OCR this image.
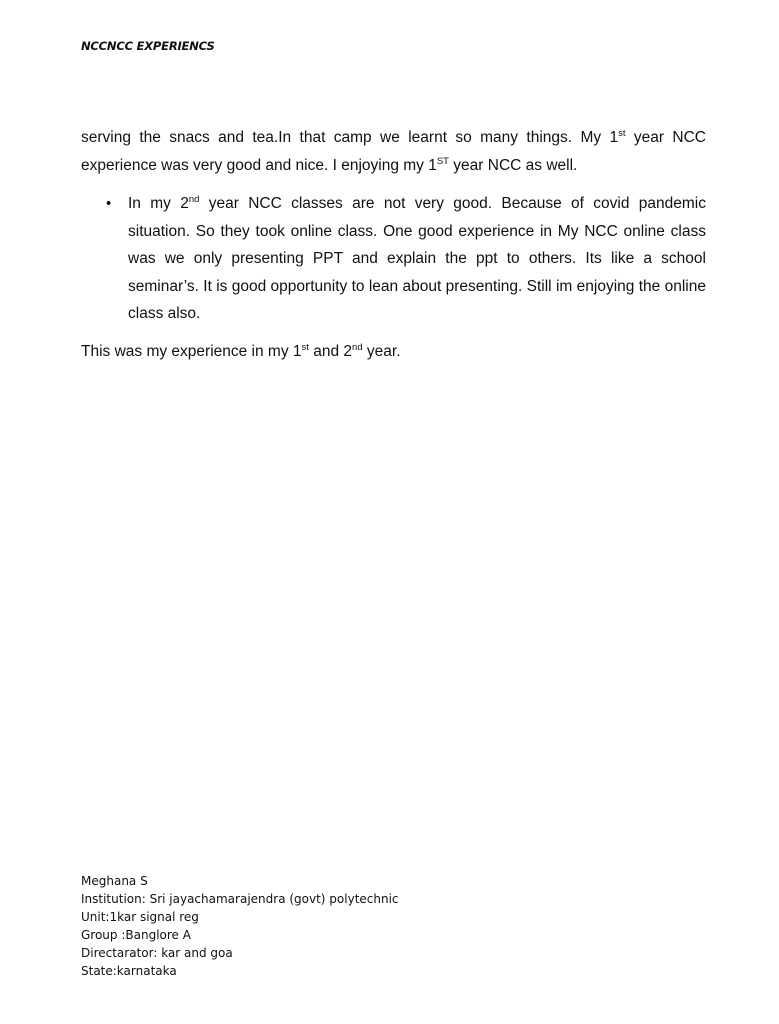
NCCNCC EXPERIENCS

serving the snacs and tea.In that camp we learnt so many things. My 1st year NCC experience was very good and nice. I enjoying my 1ST year NCC as well.

• In my 2nd year NCC classes are not very good. Because of covid pandemic situation. So they took online class. One good experience in My NCC online class was we only presenting PPT and explain the ppt to others. Its like a school seminar’s. It is good opportunity to lean about presenting. Still im enjoying the online class also.

This was my experience in my 1st and 2nd year.

Meghana S
Institution: Sri jayachamarajendra (govt) polytechnic
Unit:1kar signal reg
Group :Banglore A
Directarator: kar and goa
State:karnataka
